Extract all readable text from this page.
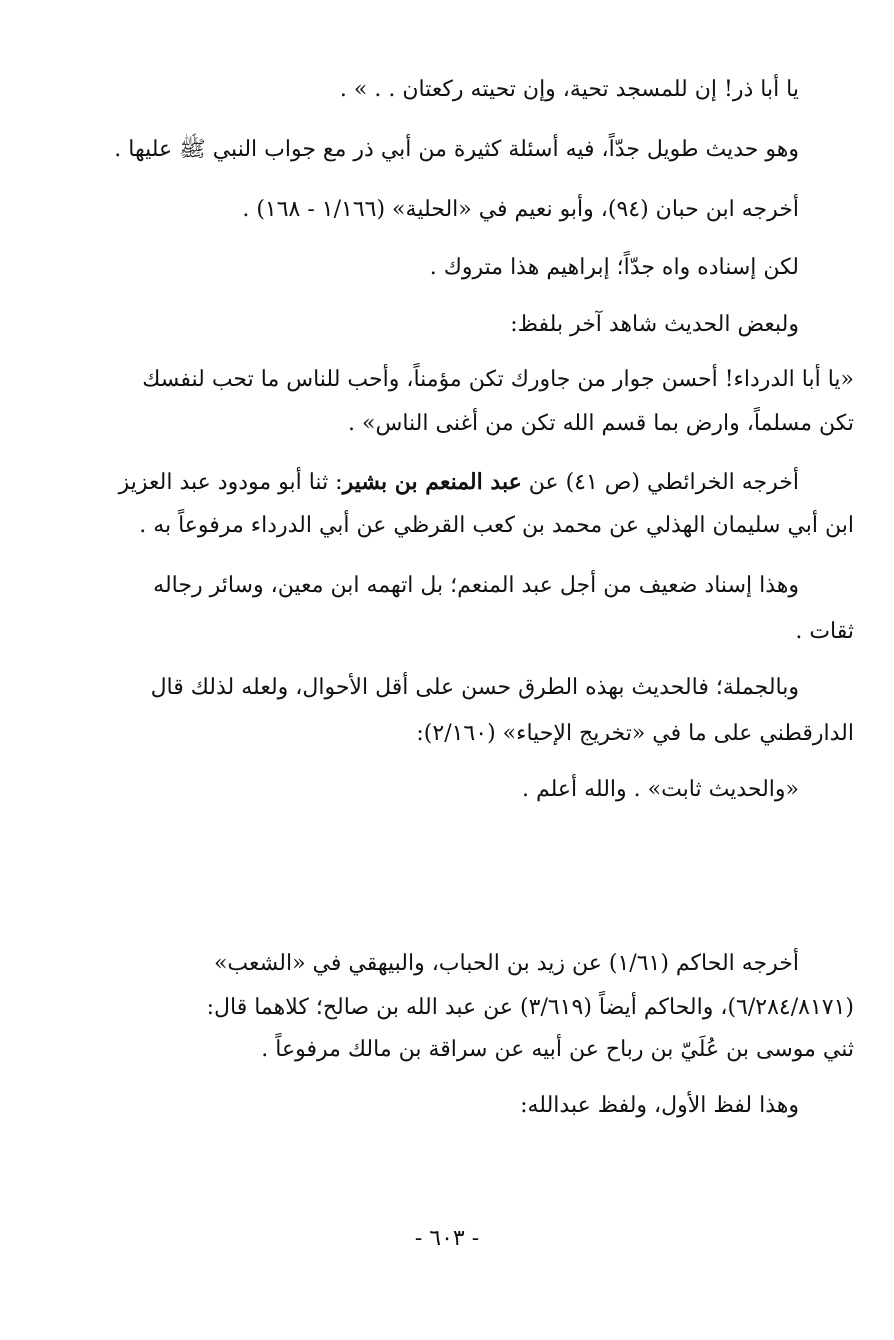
يا أبا ذر! إن للمسجد تحية، وإن تحيته ركعتان . . » .
وهو حديث طويل جدّاً، فيه أسئلة كثيرة من أبي ذر مع جواب النبي ﷺ عليها .
أخرجه ابن حبان (٩٤)، وأبو نعيم في «الحلية» (١/١٦٦ - ١٦٨) .
لكن إسناده واه جدّاً؛ إبراهيم هذا متروك .
ولبعض الحديث شاهد آخر بلفظ:
«يا أبا الدرداء! أحسن جوار من جاورك تكن مؤمناً، وأحب للناس ما تحب لنفسك
تكن مسلماً، وارض بما قسم الله تكن من أغنى الناس» .
أخرجه الخرائطي (ص ٤١) عن عبد المنعم بن بشير: ثنا أبو مودود عبد العزيز
ابن أبي سليمان الهذلي عن محمد بن كعب القرظي عن أبي الدرداء مرفوعاً به .
وهذا إسناد ضعيف من أجل عبد المنعم؛ بل اتهمه ابن معين، وسائر رجاله
ثقات .
وبالجملة؛ فالحديث بهذه الطرق حسن على أقل الأحوال، ولعله لذلك قال
الدارقطني على ما في «تخريج الإحياء» (٢/١٦٠):
«والحديث ثابت» . والله أعلم .
أخرجه الحاكم (١/٦١) عن زيد بن الحباب، والبيهقي في «الشعب»
(٦/٢٨٤/٨١٧١)، والحاكم أيضاً (٣/٦١٩) عن عبد الله بن صالح؛ كلاهما قال:
ثني موسى بن عُلَيّ بن رباح عن أبيه عن سراقة بن مالك مرفوعاً .
وهذا لفظ الأول، ولفظ عبدالله:
- ٦٠٣ -
